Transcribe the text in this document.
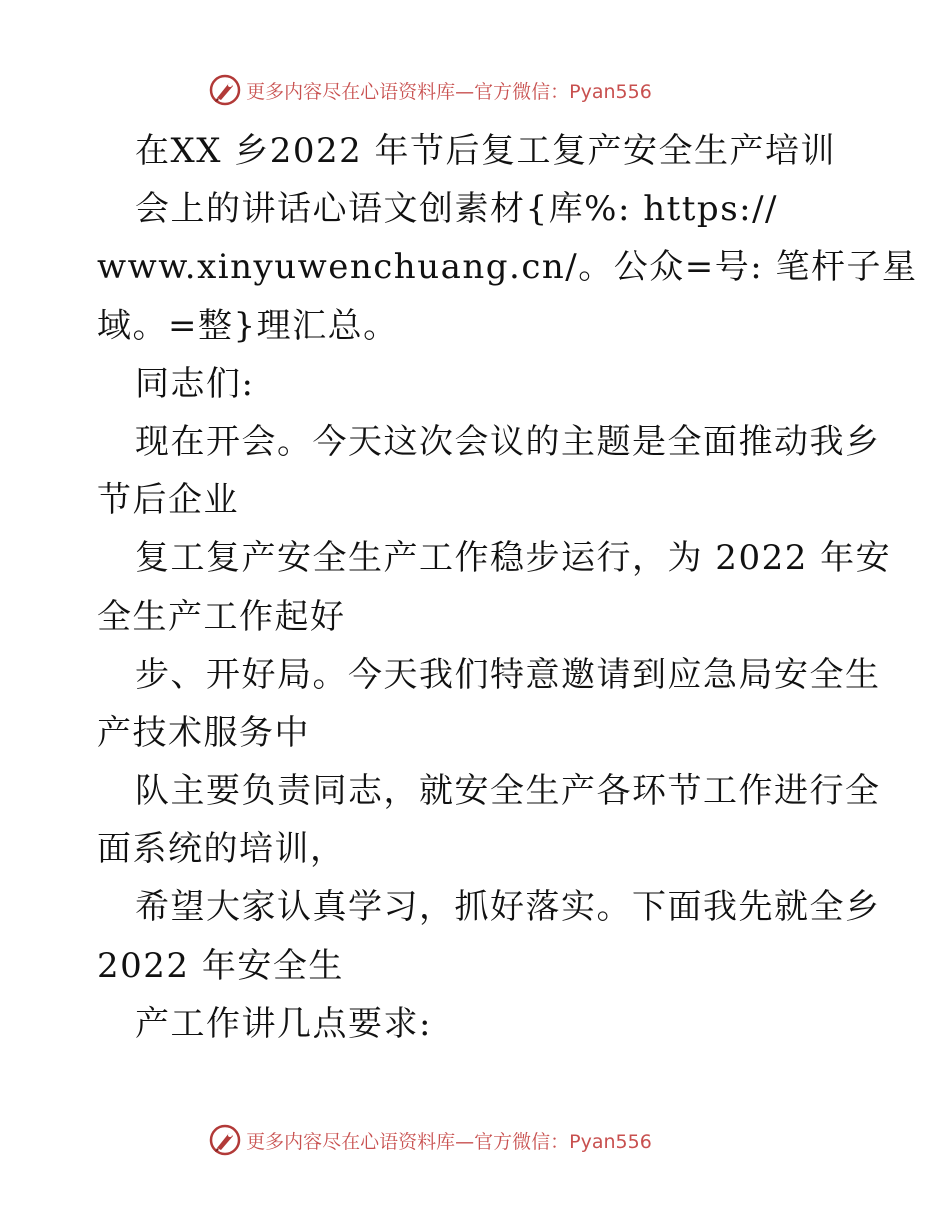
更多内容尽在心语资料库—官方微信：Pyan556
在XX 乡2022 年节后复工复产安全生产培训
会上的讲话心语文创素材{库%: https://
www.xinyuwenchuang.cn/。公众=号: 笔杆子星
域。=整}理汇总。
同志们:
现在开会。今天这次会议的主题是全面推动我乡
节后企业
复工复产安全生产工作稳步运行，为 2022 年安
全生产工作起好
步、开好局。今天我们特意邀请到应急局安全生
产技术服务中
队主要负责同志，就安全生产各环节工作进行全
面系统的培训，
希望大家认真学习，抓好落实。下面我先就全乡
2022 年安全生
产工作讲几点要求:
更多内容尽在心语资料库—官方微信：Pyan556
